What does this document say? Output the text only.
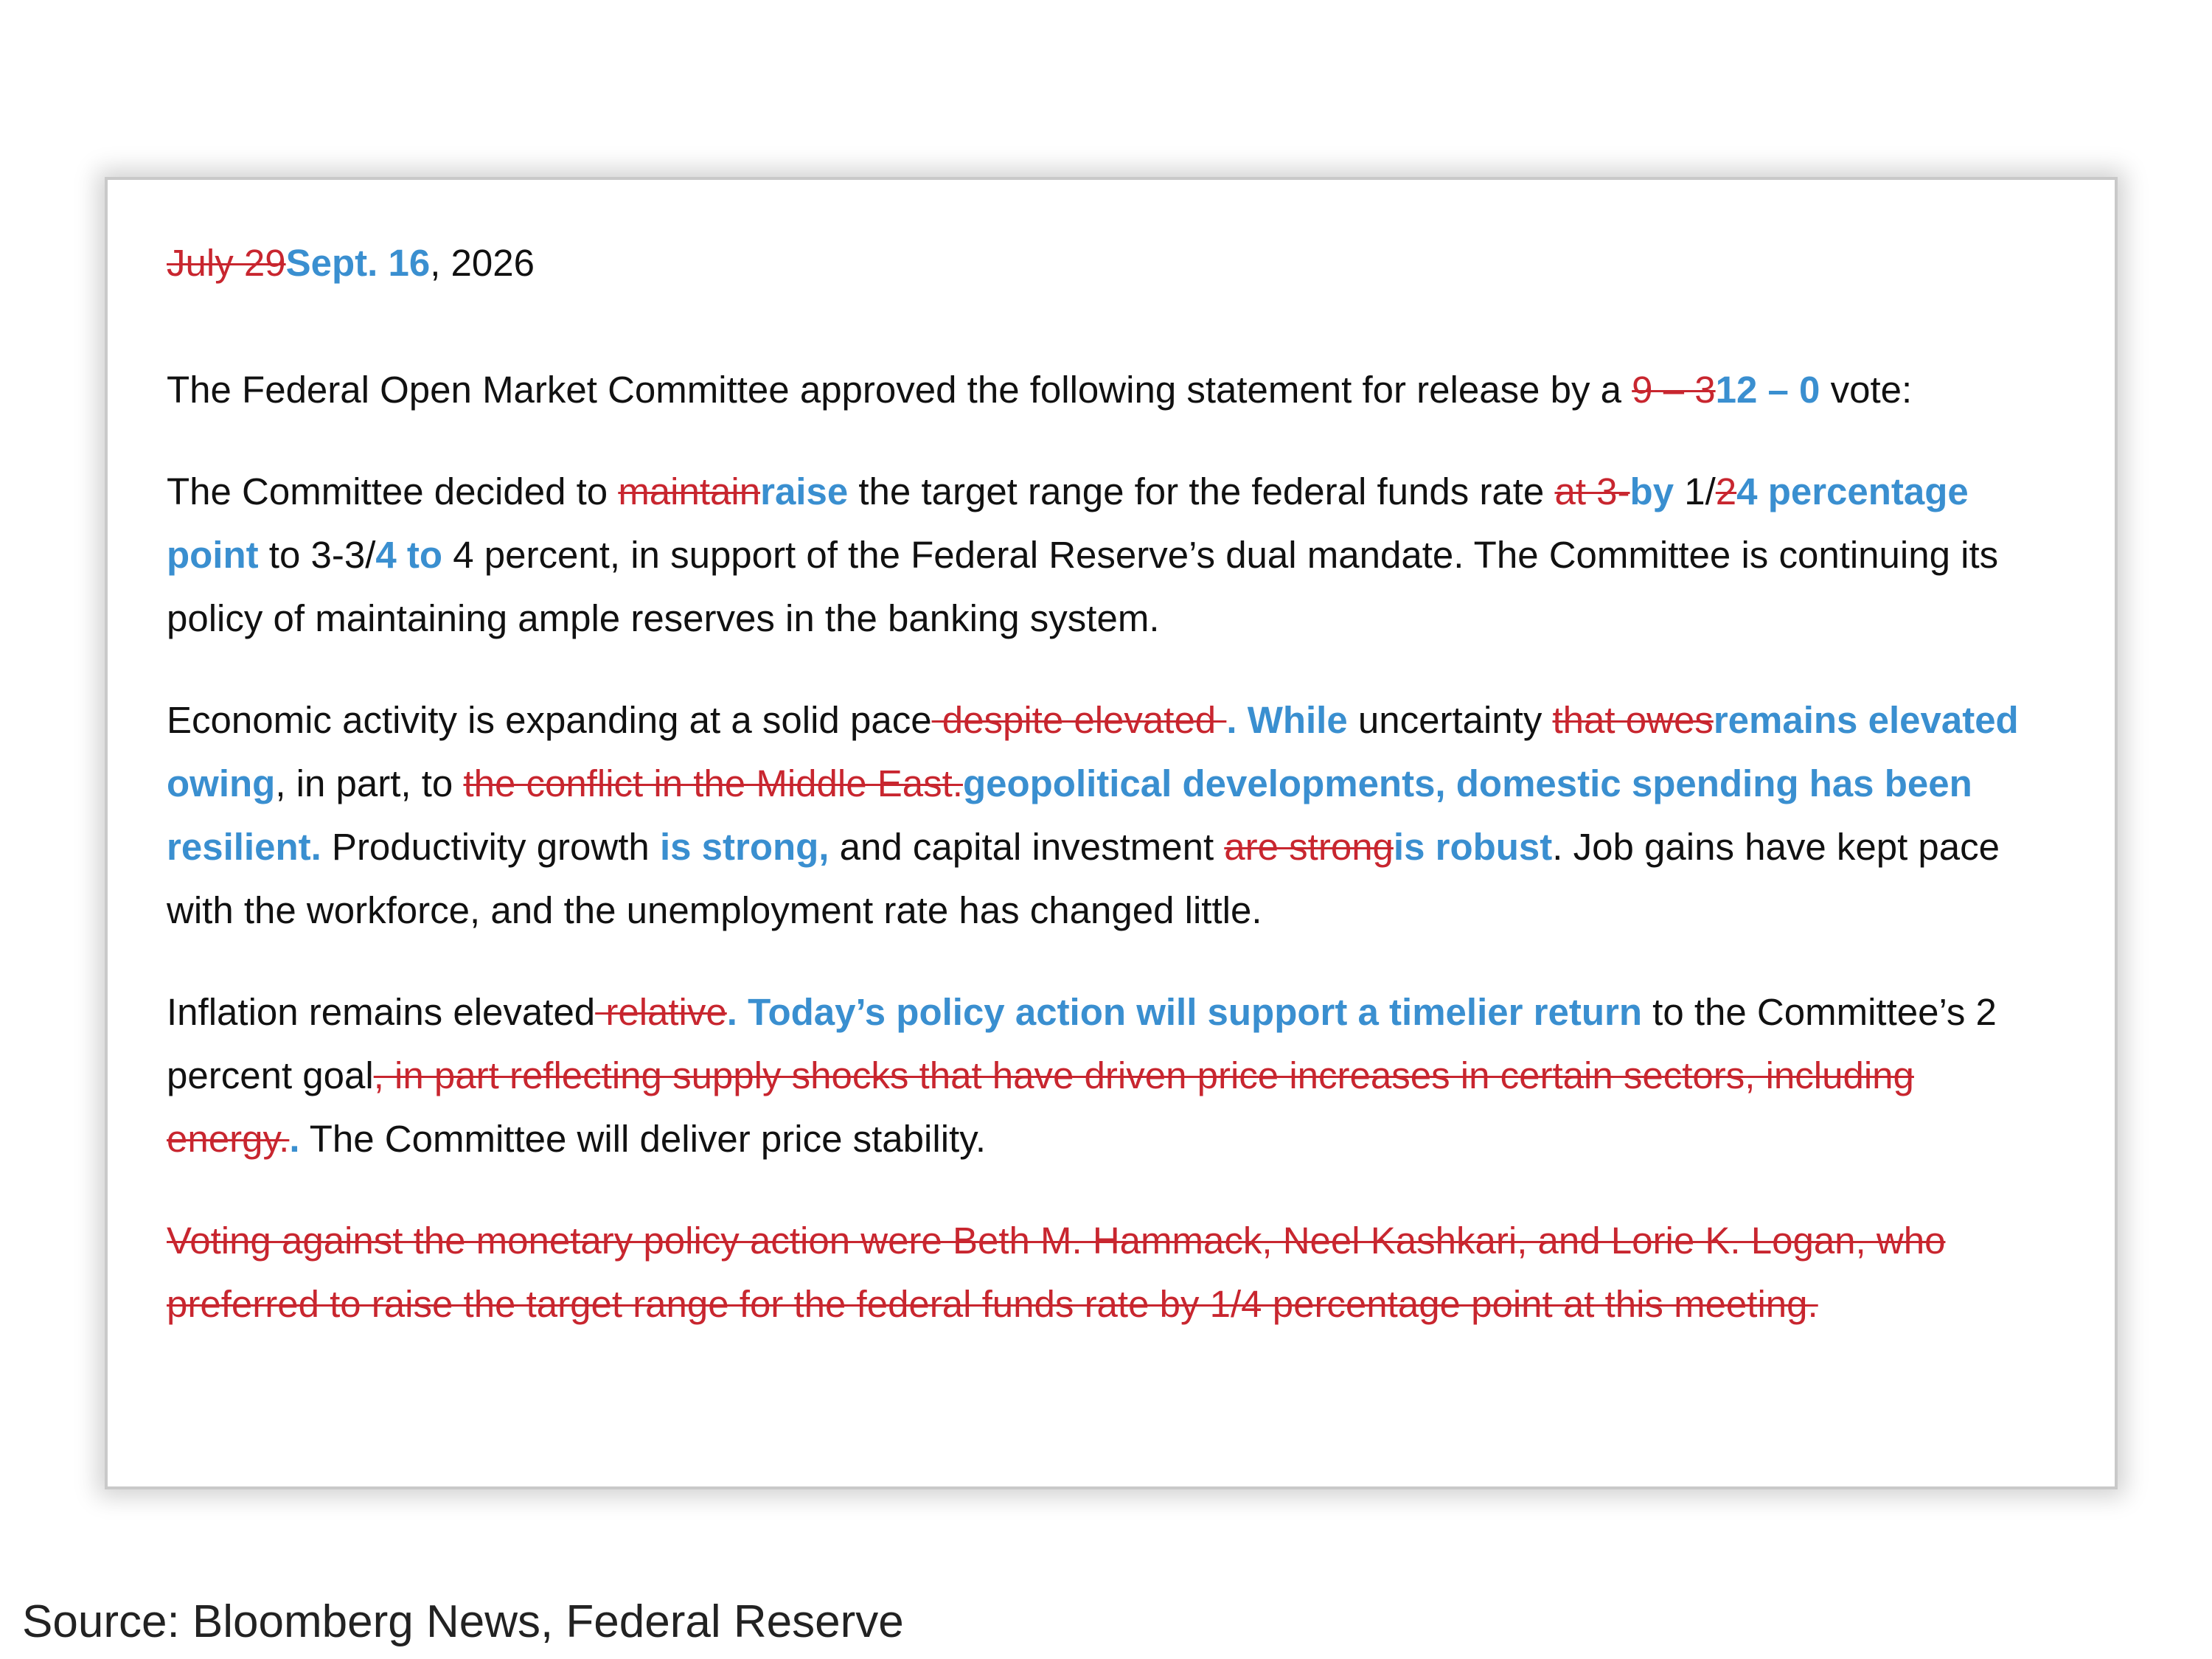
July 29Sept. 16, 2026

The Federal Open Market Committee approved the following statement for release by a 9 – 312 – 0 vote:

The Committee decided to maintainraise the target range for the federal funds rate at 3-by 1/24 percentage point to 3-3/4 to 4 percent, in support of the Federal Reserve’s dual mandate. The Committee is continuing its policy of maintaining ample reserves in the banking system.

Economic activity is expanding at a solid pace despite elevated . While uncertainty that owesremains elevated owing, in part, to the conflict in the Middle East.geopolitical developments, domestic spending has been resilient. Productivity growth is strong, and capital investment are strongis robust. Job gains have kept pace with the workforce, and the unemployment rate has changed little.

Inflation remains elevated relative. Today’s policy action will support a timelier return to the Committee’s 2 percent goal, in part reflecting supply shocks that have driven price increases in certain sectors, including energy.. The Committee will deliver price stability.

Voting against the monetary policy action were Beth M. Hammack, Neel Kashkari, and Lorie K. Logan, who preferred to raise the target range for the federal funds rate by 1/4 percentage point at this meeting.

Source: Bloomberg News, Federal Reserve
